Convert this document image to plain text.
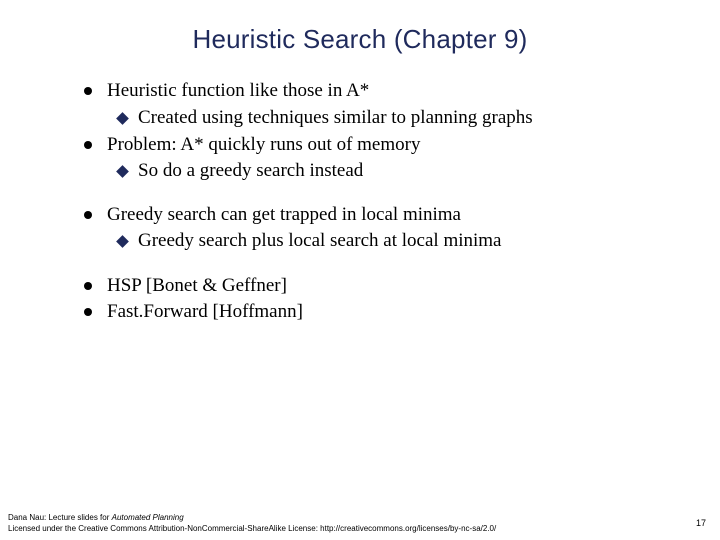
Heuristic Search (Chapter 9)
Heuristic function like those in A*
Created using techniques similar to planning graphs
Problem: A* quickly runs out of memory
So do a greedy search instead
Greedy search can get trapped in local minima
Greedy search plus local search at local minima
HSP [Bonet & Geffner]
Fast.Forward [Hoffmann]
Dana Nau: Lecture slides for Automated Planning
Licensed under the Creative Commons Attribution-NonCommercial-ShareAlike License: http://creativecommons.org/licenses/by-nc-sa/2.0/
17
